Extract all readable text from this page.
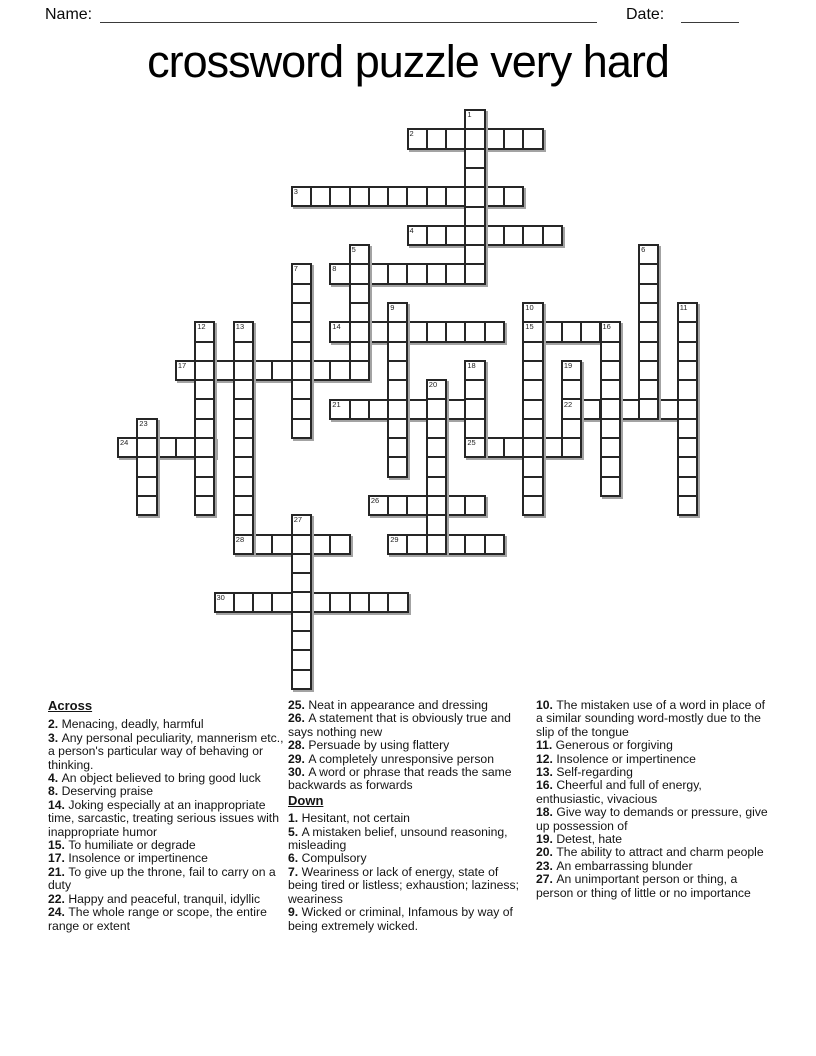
Name:	Date:
crossword puzzle very hard
2
3
4
8
14	15
17
21	22
24	25
26
28	29
30
1
5	6
7
9	10	11
12	13	16
18	19
20
23
27
Across
2. Menacing, deadly, harmful
3. Any personal peculiarity, mannerism etc., a person's particular way of behaving or thinking.
4. An object believed to bring good luck
8. Deserving praise
14. Joking especially at an inappropriate time, sarcastic, treating serious issues with inappropriate humor
15. To humiliate or degrade
17. Insolence or impertinence
21. To give up the throne, fail to carry on a duty
22. Happy and peaceful, tranquil, idyllic
24. The whole range or scope, the entire range or extent
25. Neat in appearance and dressing
26. A statement that is obviously true and says nothing new
28. Persuade by using flattery
29. A completely unresponsive person
30. A word or phrase that reads the same backwards as forwards
Down
1. Hesitant, not certain
5. A mistaken belief, unsound reasoning, misleading
6. Compulsory
7. Weariness or lack of energy, state of being tired or listless; exhaustion; laziness; weariness
9. Wicked or criminal, Infamous by way of being extremely wicked.
10. The mistaken use of a word in place of a similar sounding word-mostly due to the slip of the tongue
11. Generous or forgiving
12. Insolence or impertinence
13. Self-regarding
16. Cheerful and full of energy, enthusiastic, vivacious
18. Give way to demands or pressure, give up possession of
19. Detest, hate
20. The ability to attract and charm people
23. An embarrassing blunder
27. An unimportant person or thing, a person or thing of little or no importance
